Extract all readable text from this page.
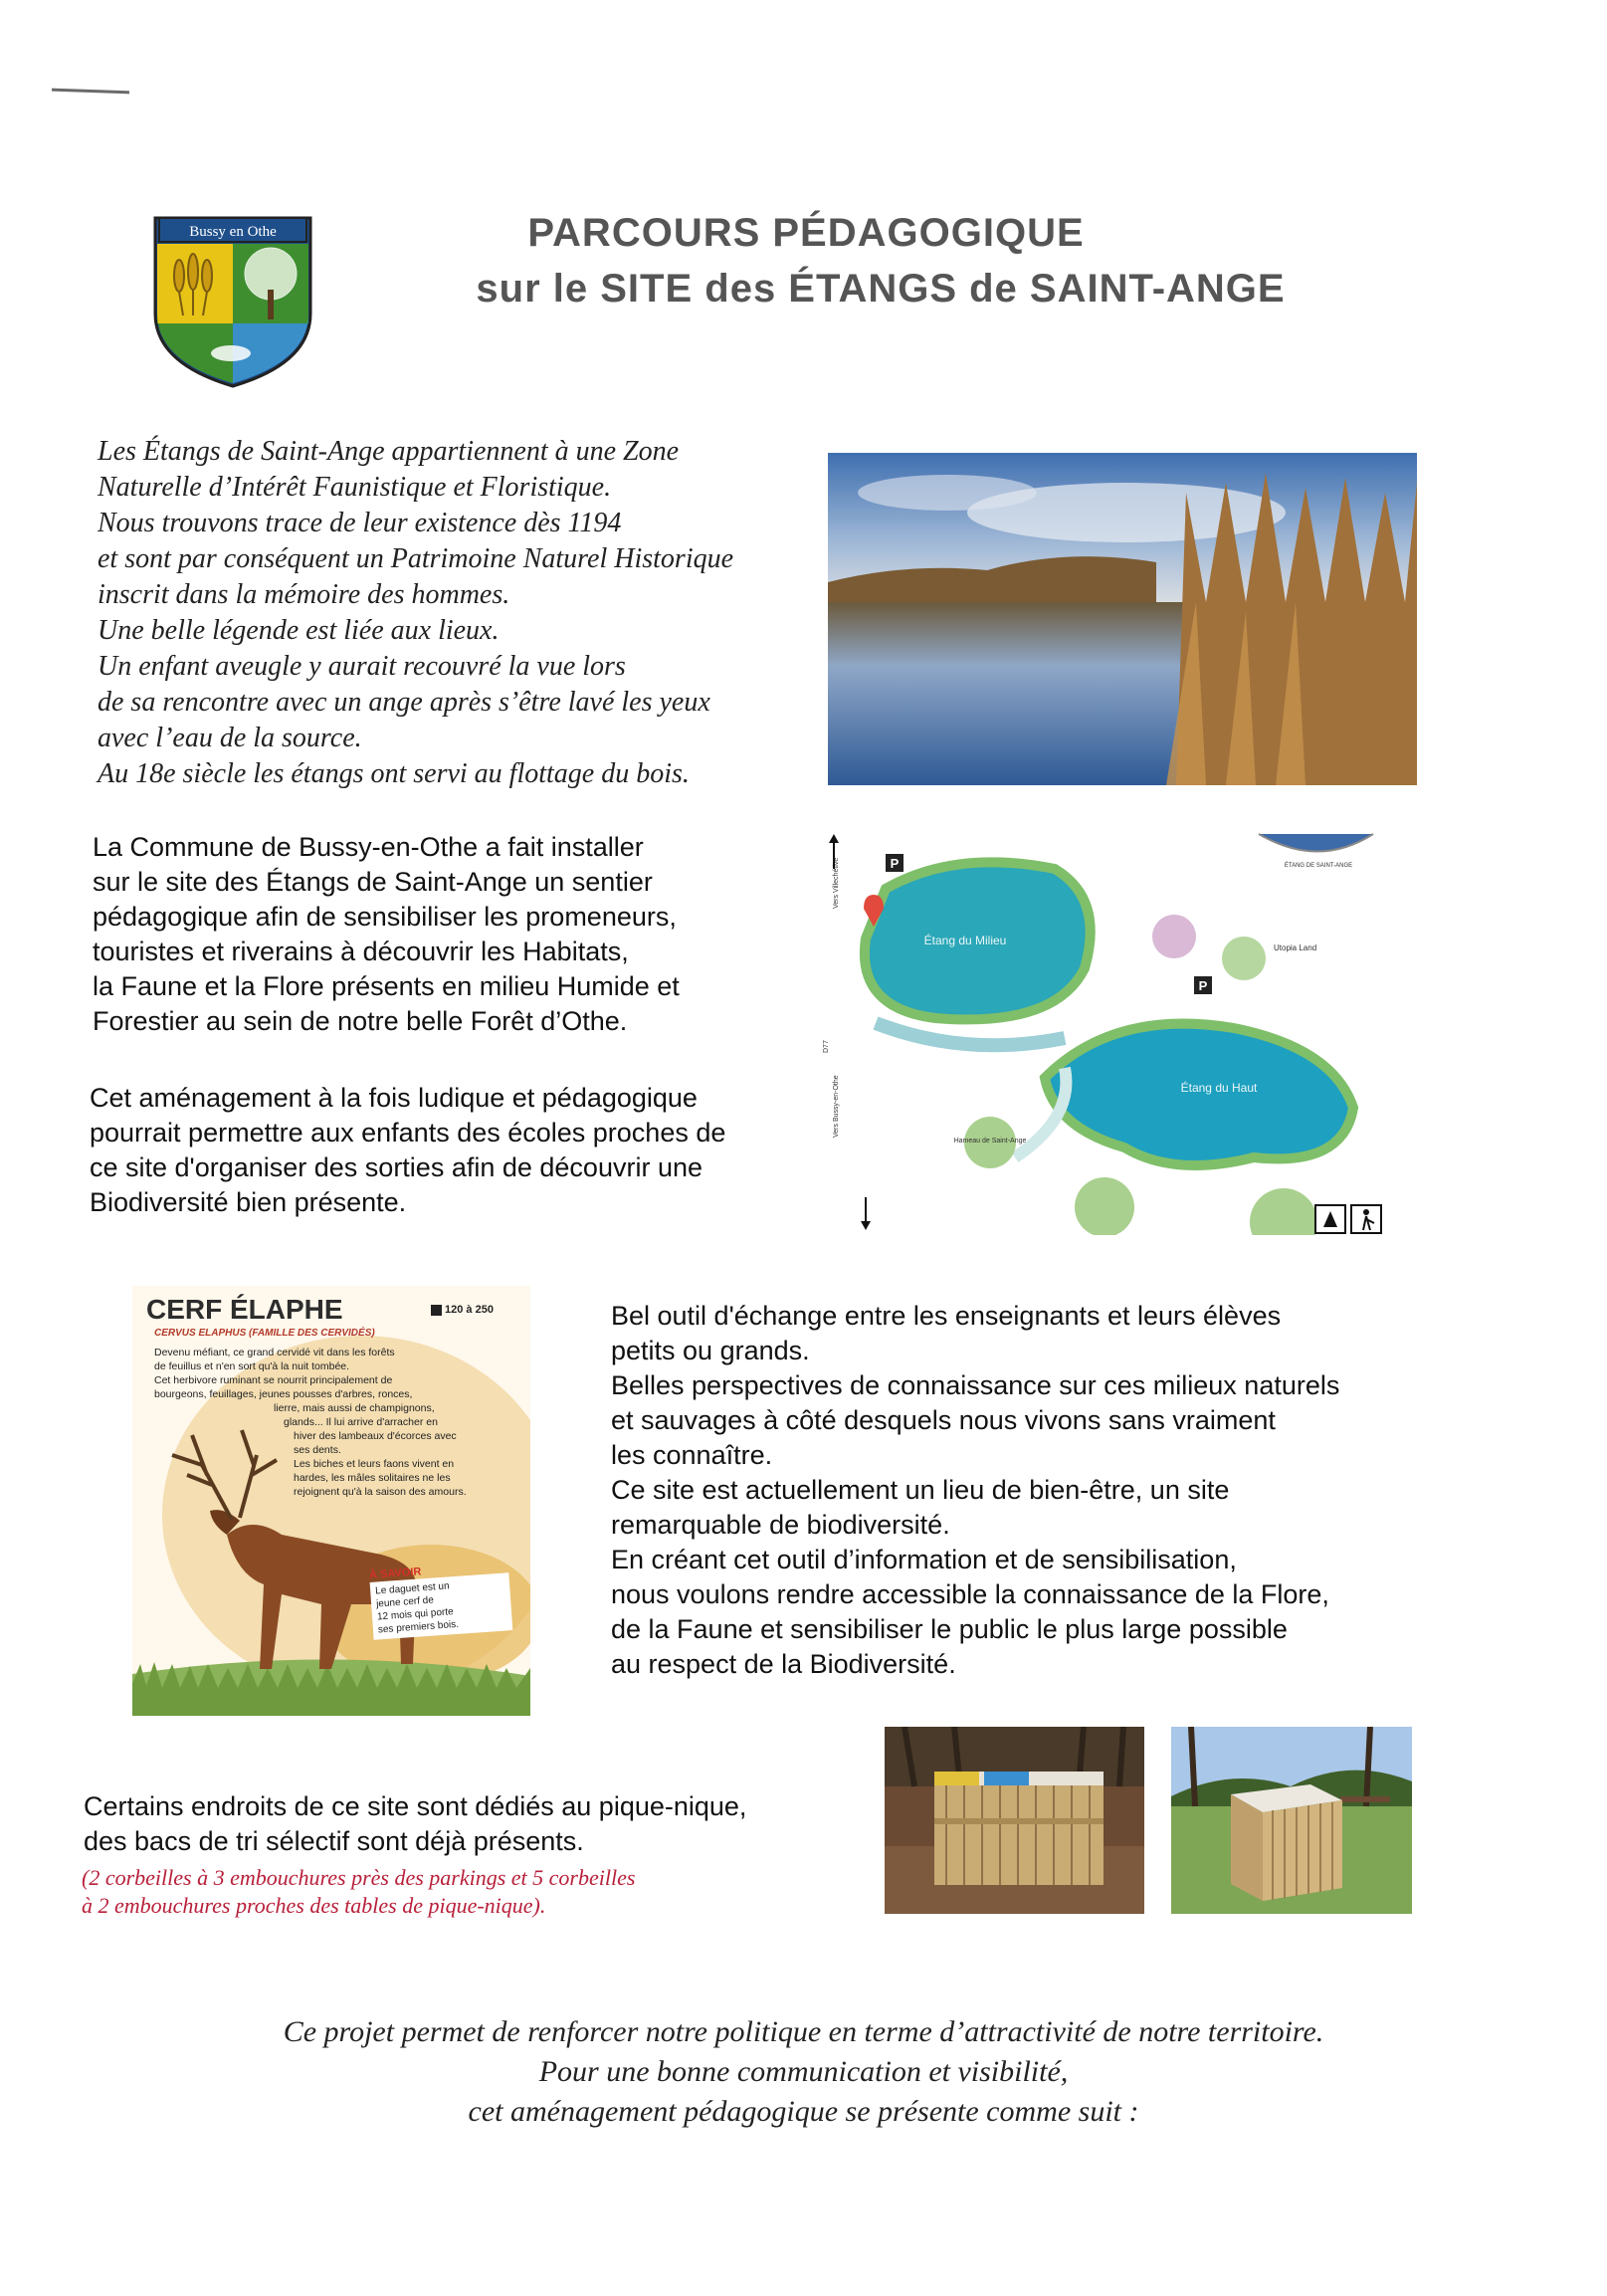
Bussy en Othe	PARCOURS PÉDAGOGIQUE
sur le SITE des ÉTANGS de SAINT-ANGE
Les Étangs de Saint-Ange appartiennent à une Zone
Naturelle d’Intérêt Faunistique et Floristique.
Nous trouvons trace de leur existence dès 1194
et sont par conséquent un Patrimoine Naturel Historique
inscrit dans la mémoire des hommes.
Une belle légende est liée aux lieux.
Un enfant aveugle y aurait recouvré la vue lors
de sa rencontre avec un ange après s’être lavé les yeux
avec l’eau de la source.
Au 18e siècle les étangs ont servi au flottage du bois.
La Commune de Bussy-en-Othe a fait installer
sur le site des Étangs de Saint-Ange un sentier
pédagogique afin de sensibiliser les promeneurs,
touristes et riverains à découvrir les Habitats,
la Faune et la Flore présents en milieu Humide et
Forestier au sein de notre belle Forêt d’Othe.
P
P
Étang du Milieu
Étang du Haut
Hameau de Saint-Ange
Utopia Land
ÉTANG DE SAINT-ANGE
Vers Bussy-en-Othe
Vers Villechétive
D77
Cet aménagement à la fois ludique et pédagogique
pourrait permettre aux enfants des écoles proches de
ce site d'organiser des sorties afin de découvrir une
Biodiversité bien présente.
CERF ÉLAPHE	120 à 250
CERVUS ELAPHUS (FAMILLE DES CERVIDÉS)
Devenu méfiant, ce grand cervidé vit dans les forêts
de feuillus et n'en sort qu'à la nuit tombée.
Cet herbivore ruminant se nourrit principalement de
bourgeons, feuillages, jeunes pousses d'arbres, ronces,
lierre, mais aussi de champignons,
glands... Il lui arrive d'arracher en
hiver des lambeaux d'écorces avec
ses dents.
Les biches et leurs faons vivent en
hardes, les mâles solitaires ne les
rejoignent qu'à la saison des amours.
À SAVOIR
Le daguet est un
jeune cerf de
12 mois qui porte
ses premiers bois.
Bel outil d'échange entre les enseignants et leurs élèves
petits ou grands.
Belles perspectives de connaissance sur ces milieux naturels
et sauvages à côté desquels nous vivons sans vraiment
les connaître.
Ce site est actuellement un lieu de bien-être, un site
remarquable de biodiversité.
En créant cet outil d’information et de sensibilisation,
nous voulons rendre accessible la connaissance de la Flore,
de la Faune et sensibiliser le public le plus large possible
au respect de la Biodiversité.
Certains endroits de ce site sont dédiés au pique-nique,
des bacs de tri sélectif sont déjà présents.
(2 corbeilles à 3 embouchures près des parkings et 5 corbeilles
à 2 embouchures proches des tables de pique-nique).
Ce projet permet de renforcer notre politique en terme d’attractivité de notre territoire.
Pour une bonne communication et visibilité,
cet aménagement pédagogique se présente comme suit :
